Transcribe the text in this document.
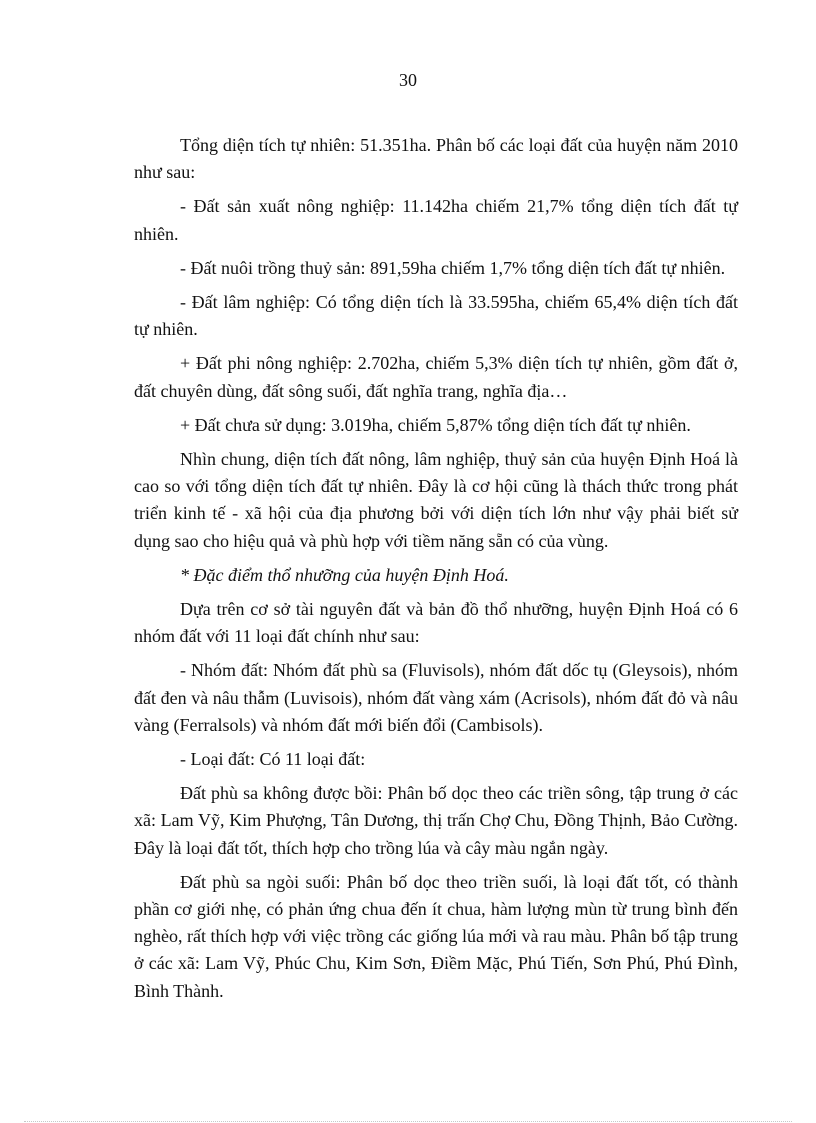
30

Tổng diện tích tự nhiên: 51.351ha. Phân bố các loại đất của huyện năm 2010 như sau:

- Đất sản xuất nông nghiệp: 11.142ha chiếm 21,7% tổng diện tích đất tự nhiên.

- Đất nuôi trồng thuỷ sản: 891,59ha chiếm 1,7% tổng diện tích đất tự nhiên.

- Đất lâm nghiệp: Có tổng diện tích là 33.595ha, chiếm 65,4% diện tích đất tự nhiên.

+ Đất phi nông nghiệp: 2.702ha, chiếm 5,3% diện tích tự nhiên, gồm đất ở, đất chuyên dùng, đất sông suối, đất nghĩa trang, nghĩa địa…

+ Đất chưa sử dụng: 3.019ha, chiếm 5,87% tổng diện tích đất tự nhiên.

Nhìn chung, diện tích đất nông, lâm nghiệp, thuỷ sản của huyện Định Hoá là cao so với tổng diện tích đất tự nhiên. Đây là cơ hội cũng là thách thức trong phát triển kinh tế - xã hội của địa phương bởi với diện tích lớn như vậy phải biết sử dụng sao cho hiệu quả và phù hợp với tiềm năng sẵn có của vùng.

* Đặc điểm thổ nhưỡng của huyện Định Hoá.

Dựa trên cơ sở tài nguyên đất và bản đồ thổ nhưỡng, huyện Định Hoá có 6 nhóm đất với 11 loại đất chính như sau:

- Nhóm đất: Nhóm đất phù sa (Fluvisols), nhóm đất dốc tụ (Gleysois), nhóm đất đen và nâu thẫm (Luvisois), nhóm đất vàng xám (Acrisols), nhóm đất đỏ và nâu vàng (Ferralsols) và nhóm đất mới biến đổi (Cambisols).

- Loại đất: Có 11 loại đất:

Đất phù sa không được bồi: Phân bố dọc theo các triền sông, tập trung ở các xã: Lam Vỹ, Kim Phượng, Tân Dương, thị trấn Chợ Chu, Đồng Thịnh, Bảo Cường. Đây là loại đất tốt, thích hợp cho trồng lúa và cây màu ngắn ngày.

Đất phù sa ngòi suối: Phân bố dọc theo triền suối, là loại đất tốt, có thành phần cơ giới nhẹ, có phản ứng chua đến ít chua, hàm lượng mùn từ trung bình đến nghèo, rất thích hợp với việc trồng các giống lúa mới và rau màu. Phân bố tập trung ở các xã: Lam Vỹ, Phúc Chu, Kim Sơn, Điềm Mặc, Phú Tiến, Sơn Phú, Phú Đình, Bình Thành.
